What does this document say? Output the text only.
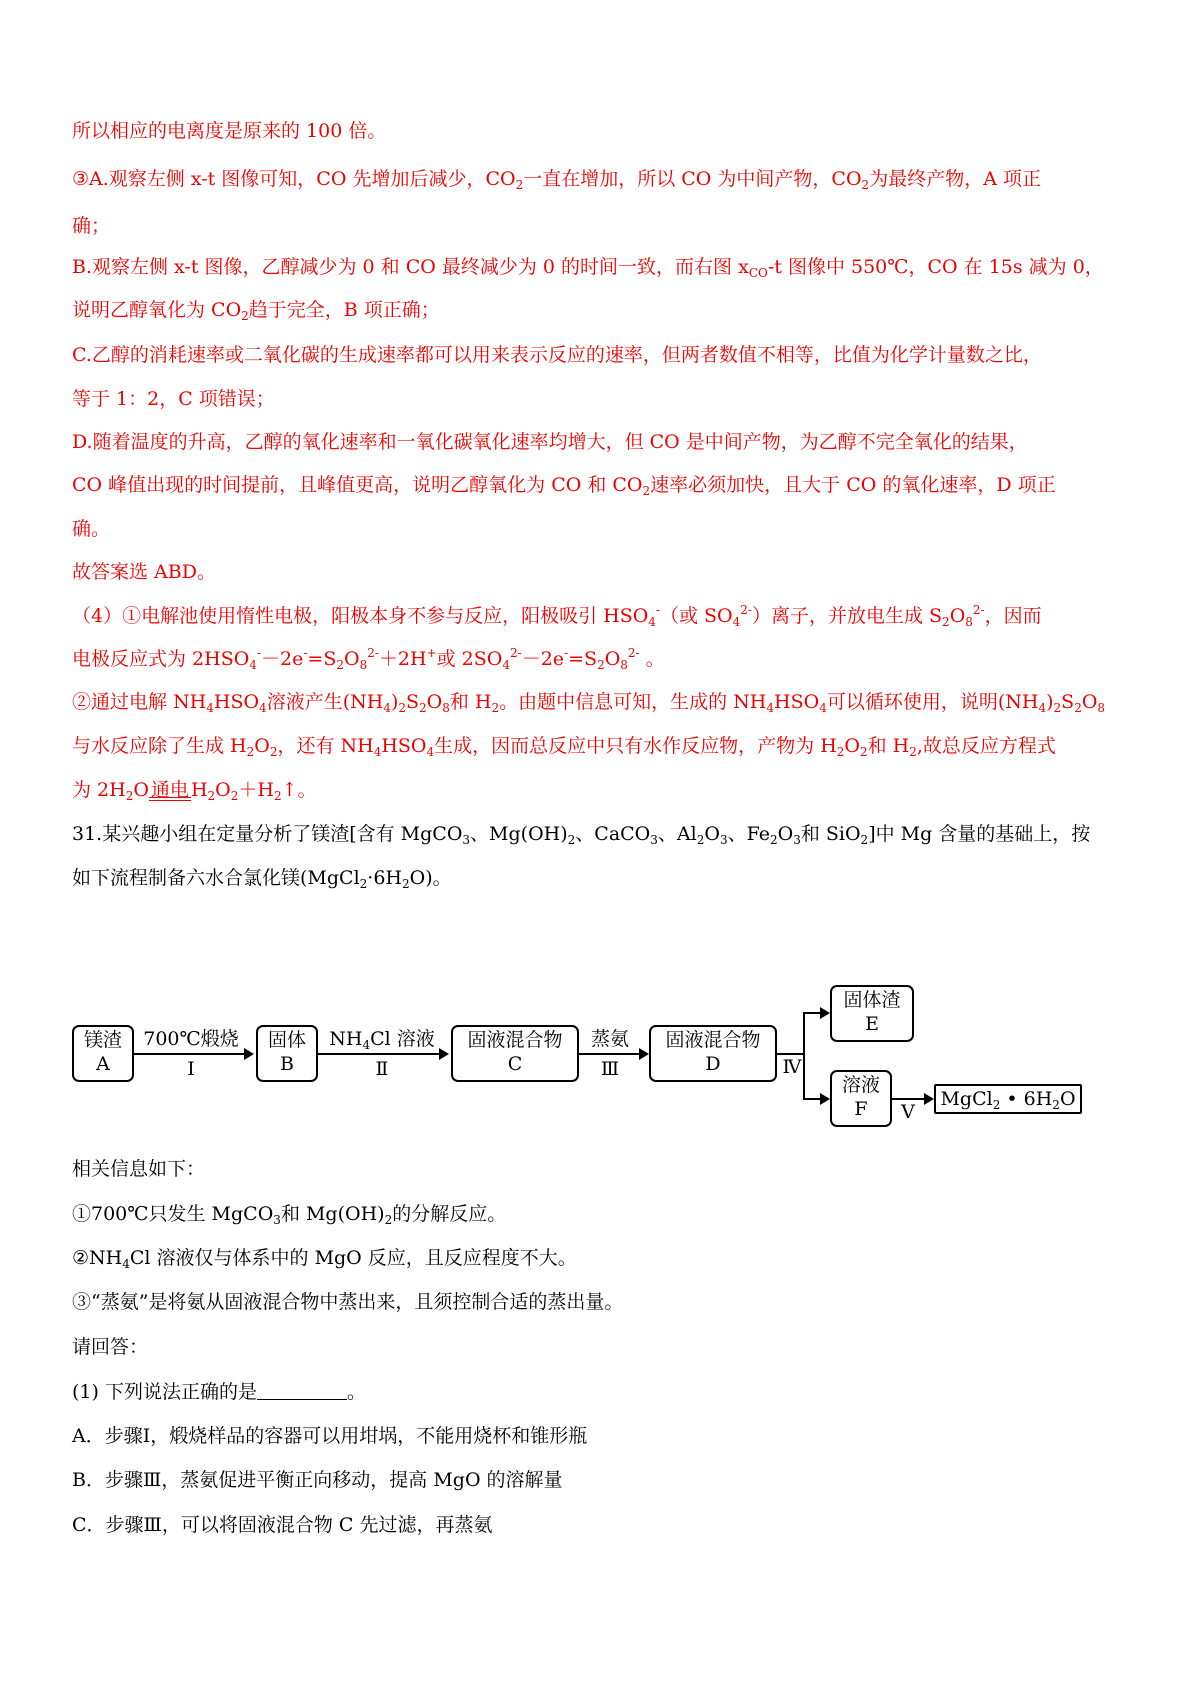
所以相应的电离度是原来的 100 倍。
③A.观察左侧 x-t 图像可知，CO 先增加后减少，$CO_2$一直在增加，所以 CO 为中间产物，$CO_2$为最终产物，A 项正
确；
B.观察左侧 x-t 图像，乙醇减少为 0 和 CO 最终减少为 0 的时间一致，而右图 $x_{CO}-t$ 图像中 550℃，CO 在 15s 减为 0，
说明乙醇氧化为 $CO_2$趋于完全，B 项正确；
C.乙醇的消耗速率或二氧化碳的生成速率都可以用来表示反应的速率，但两者数值不相等，比值为化学计量数之比，
等于 1：2，C 项错误；
D.随着温度的升高，乙醇的氧化速率和一氧化碳氧化速率均增大，但 CO 是中间产物，为乙醇不完全氧化的结果，
CO 峰值出现的时间提前，且峰值更高，说明乙醇氧化为 CO 和 $CO_2$速率必须加快，且大于 CO 的氧化速率，D 项正
确。
故答案选 ABD。
（4）①电解池使用惰性电极，阳极本身不参与反应，阳极吸引 $HSO_4^-$（或 $SO_4^{2-}$）离子，并放电生成 $S_2O_8^{2-}$，因而
电极反应式为 $2HSO_4^--2e^-=S_2O_8^{2-}+2H^+$或 $2SO_4^{2-}-2e^-=S_2O_8^{2-}$ 。
②通过电解 $NH_4HSO_4$溶液产生$(NH_4)_2S_2O_8$和 $H_2$。由题中信息可知，生成的 $NH_4HSO_4$可以循环使用，说明$(NH_4)_2S_2O_8$
与水反应除了生成 $H_2O_2$，还有 $NH_4HSO_4$生成，因而总反应中只有水作反应物，产物为 $H_2O_2$和 $H_2$,故总反应方程式
为 $2H_2O$ 通电 $H_2O_2+H_2↑$。
31.某兴趣小组在定量分析了镁渣[含有 MgCO$_3$、$Mg(OH)_2$、CaCO$_3$、$Al_2O_3$、$Fe_2O_3$和 SiO$_2$]中 Mg 含量的基础上，按
如下流程制备六水合氯化镁$(MgCl_2\cdot 6H_2O)$。
镁渣
A
700℃煅烧
Ⅰ
固体
B
$NH_4Cl$ 溶液
Ⅱ
固液混合物
C
蒸氨
Ⅲ
固液混合物
D	Ⅳ
固体渣
E
溶液
F	Ⅴ
MgCl$_2$ • $6H_2O$
相关信息如下：
①700℃只发生 MgCO$_3$和 $Mg(OH)_2$的分解反应。
$②NH_4Cl$ 溶液仅与体系中的 MgO 反应，且反应程度不大。
③“蒸氨”是将氨从固液混合物中蒸出来，且须控制合适的蒸出量。
请回答：
(1) 下列说法正确的是	。
A．步骤Ⅰ，煅烧样品的容器可以用坩埚，不能用烧杯和锥形瓶
B．步骤Ⅲ，蒸氨促进平衡正向移动，提高 MgO 的溶解量
C．步骤Ⅲ，可以将固液混合物 C 先过滤，再蒸氨
